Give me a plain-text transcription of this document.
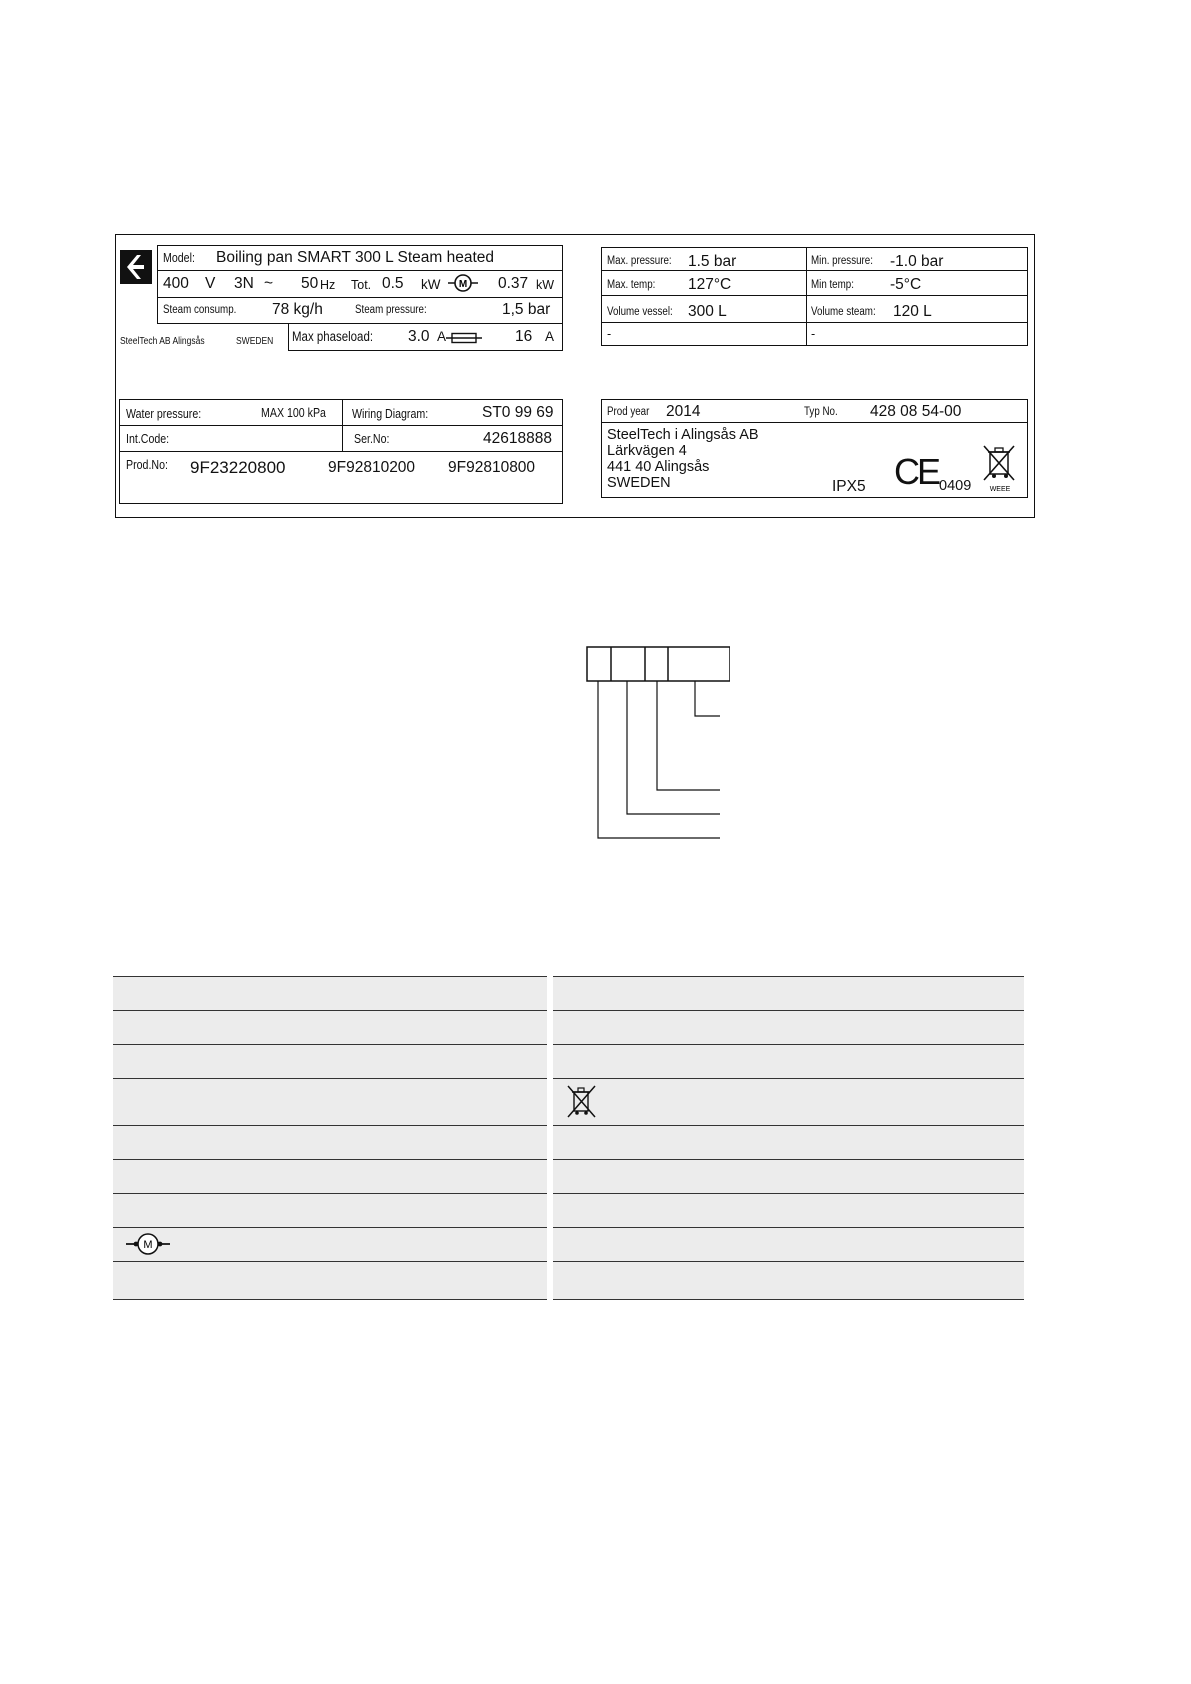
Model: Boiling pan SMART 300 L Steam heated
400 V 3N ~ 50 Hz Tot. 0.5 kW M 0.37 kW
Steam consump. 78 kg/h	Steam pressure:	1,5 bar
SteelTech AB Alingsås	SWEDEN Max phaseload: 3.0 A	16 A
Max. pressure: 1.5 bar	Min. pressure: -1.0 bar
Max. temp: 127°C	Min temp: -5°C
Volume vessel: 300 L	Volume steam: 120 L
-	-
Water pressure:	MAX 100 kPa Wiring Diagram:	ST0 99 69
Int.Code:	Ser.No:	42618888
Prod.No: 9F23220800	9F92810200 9F92810800
Prod year 2014	Typ No. 428 08 54-00
SteelTech i Alingsås AB
Lärkvägen 4
441 40 Alingsås
SWEDEN	IPX5 CE 0409	WEEE
M
